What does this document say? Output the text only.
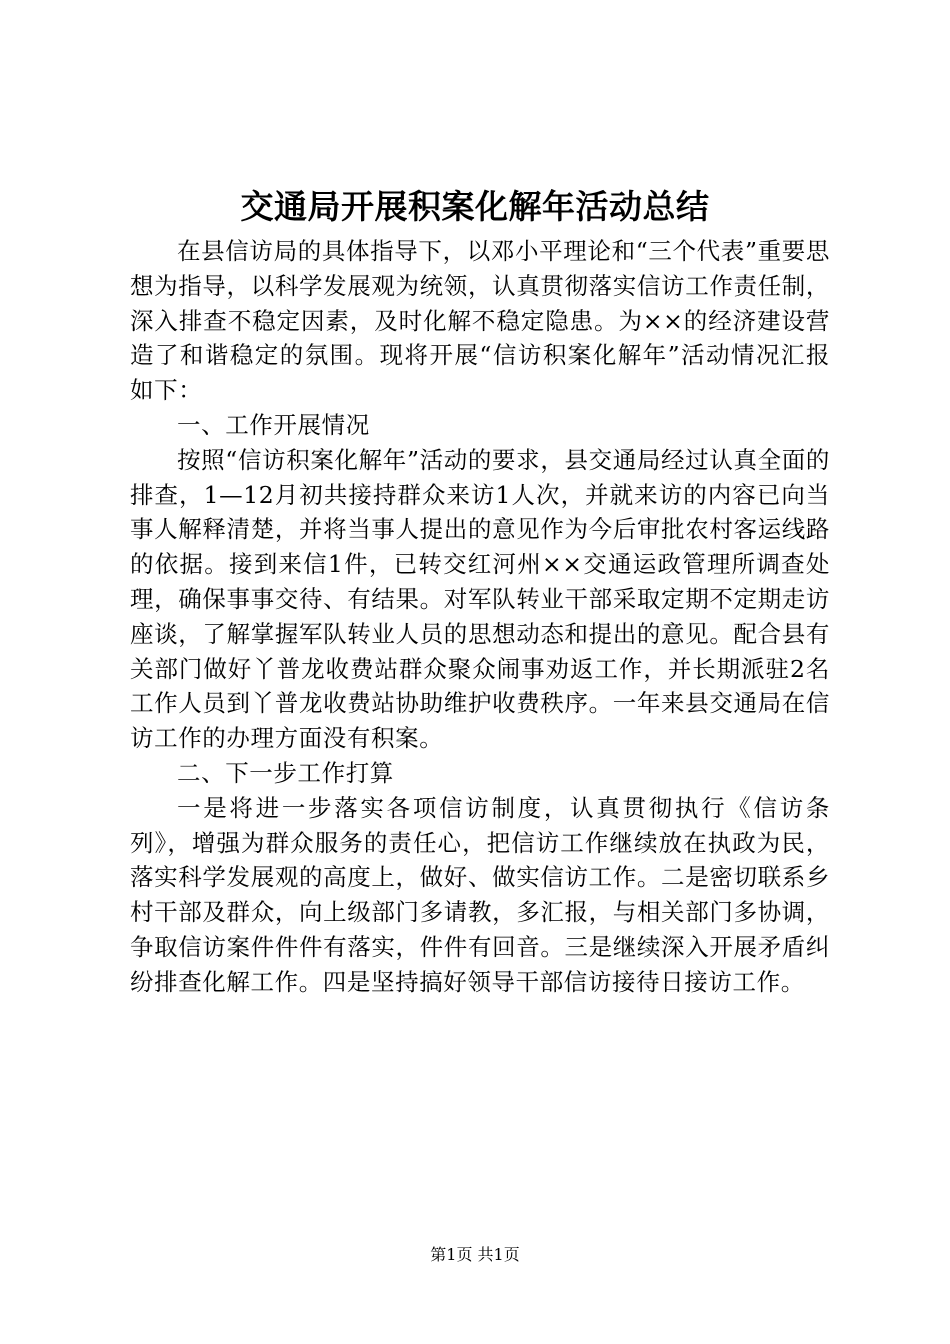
交通局开展积案化解年活动总结

在县信访局的具体指导下，以邓小平理论和“三个代表”重要思想为指导，以科学发展观为统领，认真贯彻落实信访工作责任制，深入排查不稳定因素，及时化解不稳定隐患。为××的经济建设营造了和谐稳定的氛围。现将开展“信访积案化解年”活动情况汇报如下：

一、工作开展情况

按照“信访积案化解年”活动的要求，县交通局经过认真全面的排查，1—12月初共接持群众来访1人次，并就来访的内容已向当事人解释清楚，并将当事人提出的意见作为今后审批农村客运线路的依据。接到来信1件，已转交红河州××交通运政管理所调查处理，确保事事交待、有结果。对军队转业干部采取定期不定期走访座谈，了解掌握军队转业人员的思想动态和提出的意见。配合县有关部门做好丫普龙收费站群众聚众闹事劝返工作，并长期派驻2名工作人员到丫普龙收费站协助维护收费秩序。一年来县交通局在信访工作的办理方面没有积案。

二、下一步工作打算

一是将进一步落实各项信访制度，认真贯彻执行《信访条列》，增强为群众服务的责任心，把信访工作继续放在执政为民，落实科学发展观的高度上，做好、做实信访工作。二是密切联系乡村干部及群众，向上级部门多请教，多汇报，与相关部门多协调，争取信访案件件件有落实，件件有回音。三是继续深入开展矛盾纠纷排查化解工作。四是坚持搞好领导干部信访接待日接访工作。

第1页 共1页
